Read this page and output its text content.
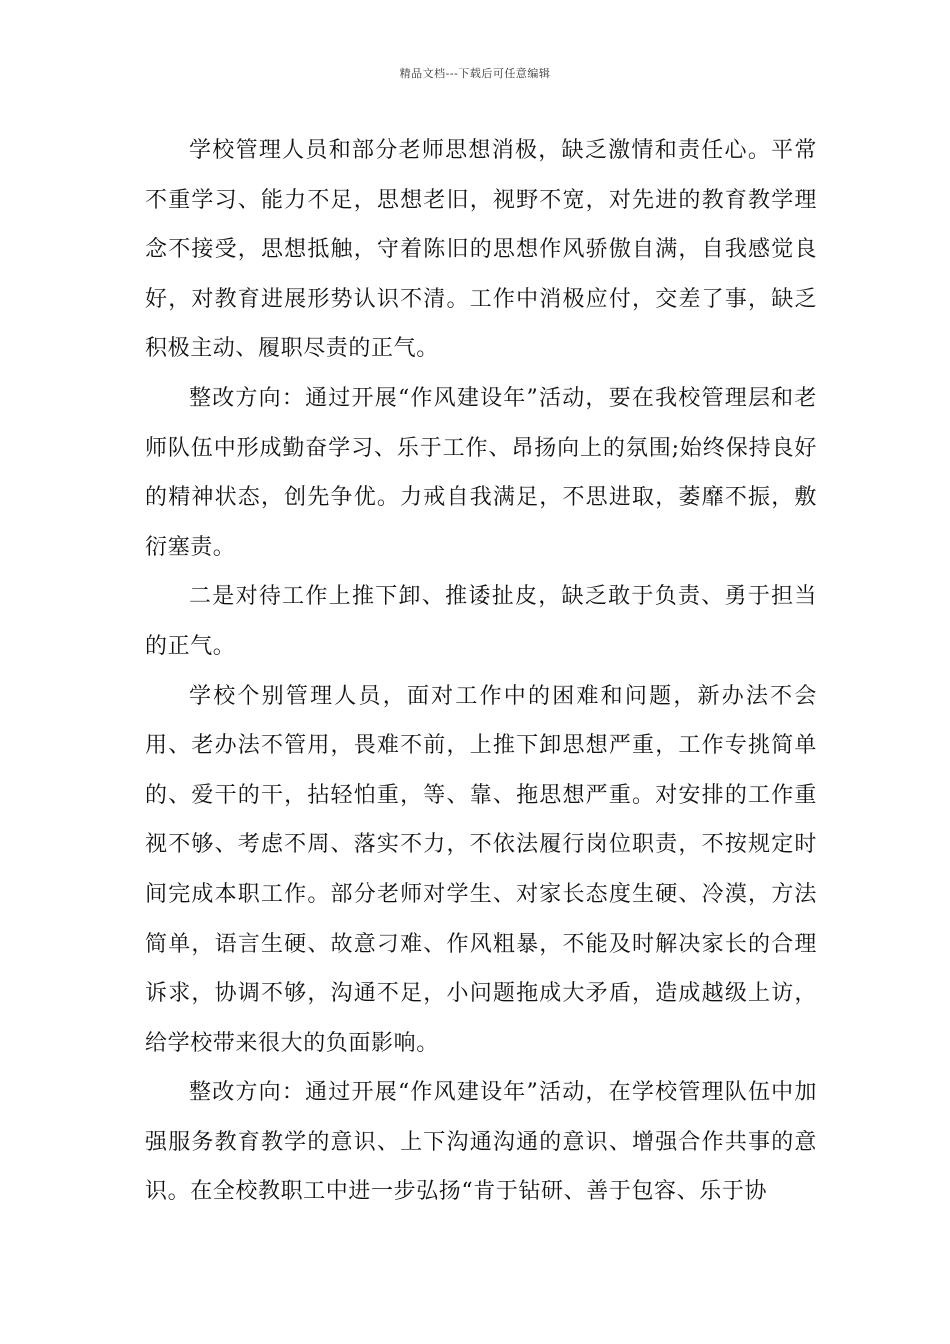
精品文档---下载后可任意编辑

学校管理人员和部分老师思想消极，缺乏激情和责任心。平常不重学习、能力不足，思想老旧，视野不宽，对先进的教育教学理念不接受，思想抵触，守着陈旧的思想作风骄傲自满，自我感觉良好，对教育进展形势认识不清。工作中消极应付，交差了事，缺乏积极主动、履职尽责的正气。

整改方向：通过开展“作风建设年”活动，要在我校管理层和老师队伍中形成勤奋学习、乐于工作、昂扬向上的氛围;始终保持良好的精神状态，创先争优。力戒自我满足，不思进取，萎靡不振，敷衍塞责。

二是对待工作上推下卸、推诿扯皮，缺乏敢于负责、勇于担当的正气。

学校个别管理人员，面对工作中的困难和问题，新办法不会用、老办法不管用，畏难不前，上推下卸思想严重，工作专挑简单的、爱干的干，拈轻怕重，等、靠、拖思想严重。对安排的工作重视不够、考虑不周、落实不力，不依法履行岗位职责，不按规定时间完成本职工作。部分老师对学生、对家长态度生硬、冷漠，方法简单，语言生硬、故意刁难、作风粗暴，不能及时解决家长的合理诉求，协调不够，沟通不足，小问题拖成大矛盾，造成越级上访，给学校带来很大的负面影响。

整改方向：通过开展“作风建设年”活动，在学校管理队伍中加强服务教育教学的意识、上下沟通沟通的意识、增强合作共事的意识。在全校教职工中进一步弘扬“肯于钻研、善于包容、乐于协
